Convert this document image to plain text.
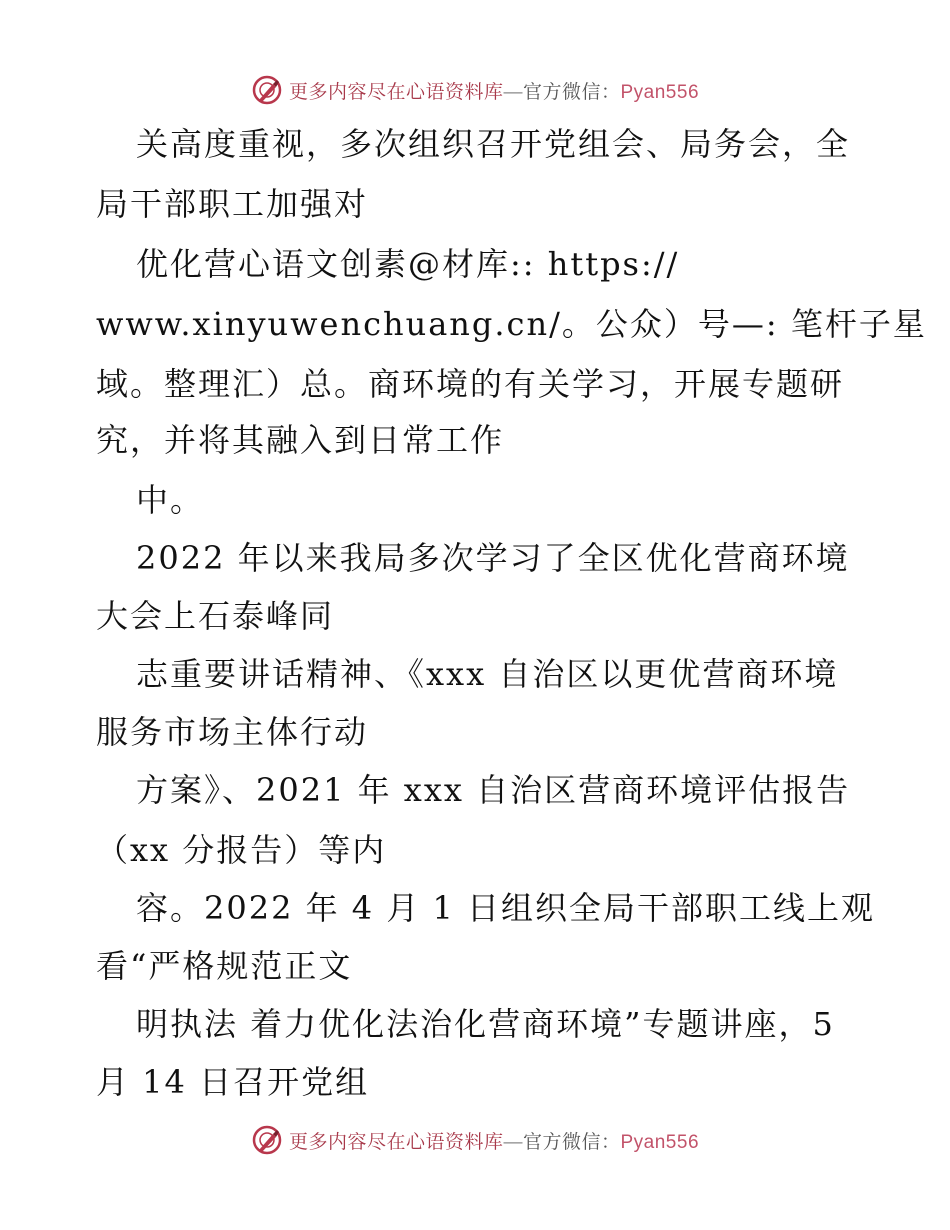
更多内容尽在心语资料库—官方微信：Pyan556
关高度重视，多次组织召开党组会、局务会，全
局干部职工加强对
优化营心语文创素@材库:: https://
www.xinyuwenchuang.cn/。公众）号—: 笔杆子星
域。整理汇）总。商环境的有关学习，开展专题研
究，并将其融入到日常工作
中。
2022 年以来我局多次学习了全区优化营商环境
大会上石泰峰同
志重要讲话精神、《xxx 自治区以更优营商环境
服务市场主体行动
方案》、2021 年 xxx 自治区营商环境评估报告
（xx 分报告）等内
容。2022 年 4 月 1 日组织全局干部职工线上观
看“严格规范正文
明执法 着力优化法治化营商环境”专题讲座，5
月 14 日召开党组
更多内容尽在心语资料库—官方微信：Pyan556
